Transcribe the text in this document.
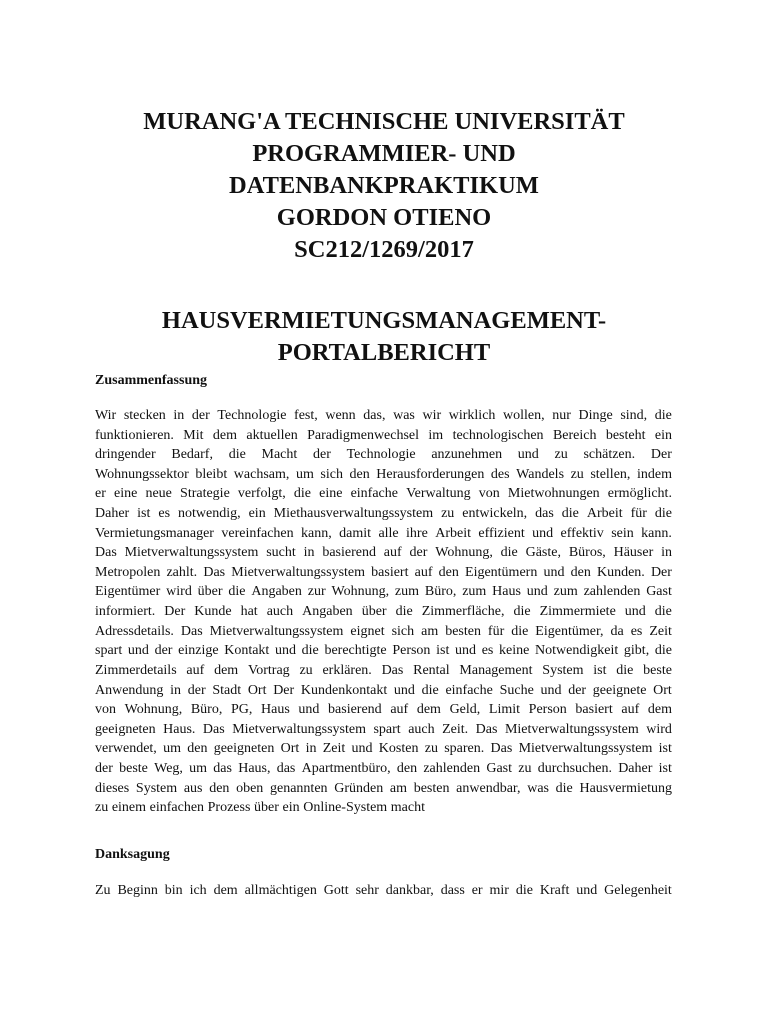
MURANG'A TECHNISCHE UNIVERSITÄT
PROGRAMMIER- UND
DATENBANKPRAKTIKUM
GORDON OTIENO
SC212/1269/2017
HAUSVERMIETUNGSMANAGEMENT-
PORTALBERICHT
Zusammenfassung
Wir stecken in der Technologie fest, wenn das, was wir wirklich wollen, nur Dinge sind, die
funktionieren. Mit dem aktuellen Paradigmenwechsel im technologischen Bereich besteht ein
dringender Bedarf, die Macht der Technologie anzunehmen und zu schätzen. Der
Wohnungssektor bleibt wachsam, um sich den Herausforderungen des Wandels zu stellen, indem
er eine neue Strategie verfolgt, die eine einfache Verwaltung von Mietwohnungen ermöglicht.
Daher ist es notwendig, ein Miethausverwaltungssystem zu entwickeln, das die Arbeit für die
Vermietungsmanager vereinfachen kann, damit alle ihre Arbeit effizient und effektiv sein kann.
Das Mietverwaltungssystem sucht in basierend auf der Wohnung, die Gäste, Büros, Häuser in
Metropolen zahlt. Das Mietverwaltungssystem basiert auf den Eigentümern und den Kunden. Der
Eigentümer wird über die Angaben zur Wohnung, zum Büro, zum Haus und zum zahlenden Gast
informiert. Der Kunde hat auch Angaben über die Zimmerfläche, die Zimmermiete und die
Adressdetails. Das Mietverwaltungssystem eignet sich am besten für die Eigentümer, da es Zeit
spart und der einzige Kontakt und die berechtigte Person ist und es keine Notwendigkeit gibt, die
Zimmerdetails auf dem Vortrag zu erklären. Das Rental Management System ist die beste
Anwendung in der Stadt Ort Der Kundenkontakt und die einfache Suche und der geeignete Ort
von Wohnung, Büro, PG, Haus und basierend auf dem Geld, Limit Person basiert auf dem
geeigneten Haus. Das Mietverwaltungssystem spart auch Zeit. Das Mietverwaltungssystem wird
verwendet, um den geeigneten Ort in Zeit und Kosten zu sparen. Das Mietverwaltungssystem ist
der beste Weg, um das Haus, das Apartmentbüro, den zahlenden Gast zu durchsuchen. Daher ist
dieses System aus den oben genannten Gründen am besten anwendbar, was die Hausvermietung
zu einem einfachen Prozess über ein Online-System macht
Danksagung
Zu Beginn bin ich dem allmächtigen Gott sehr dankbar, dass er mir die Kraft und Gelegenheit
